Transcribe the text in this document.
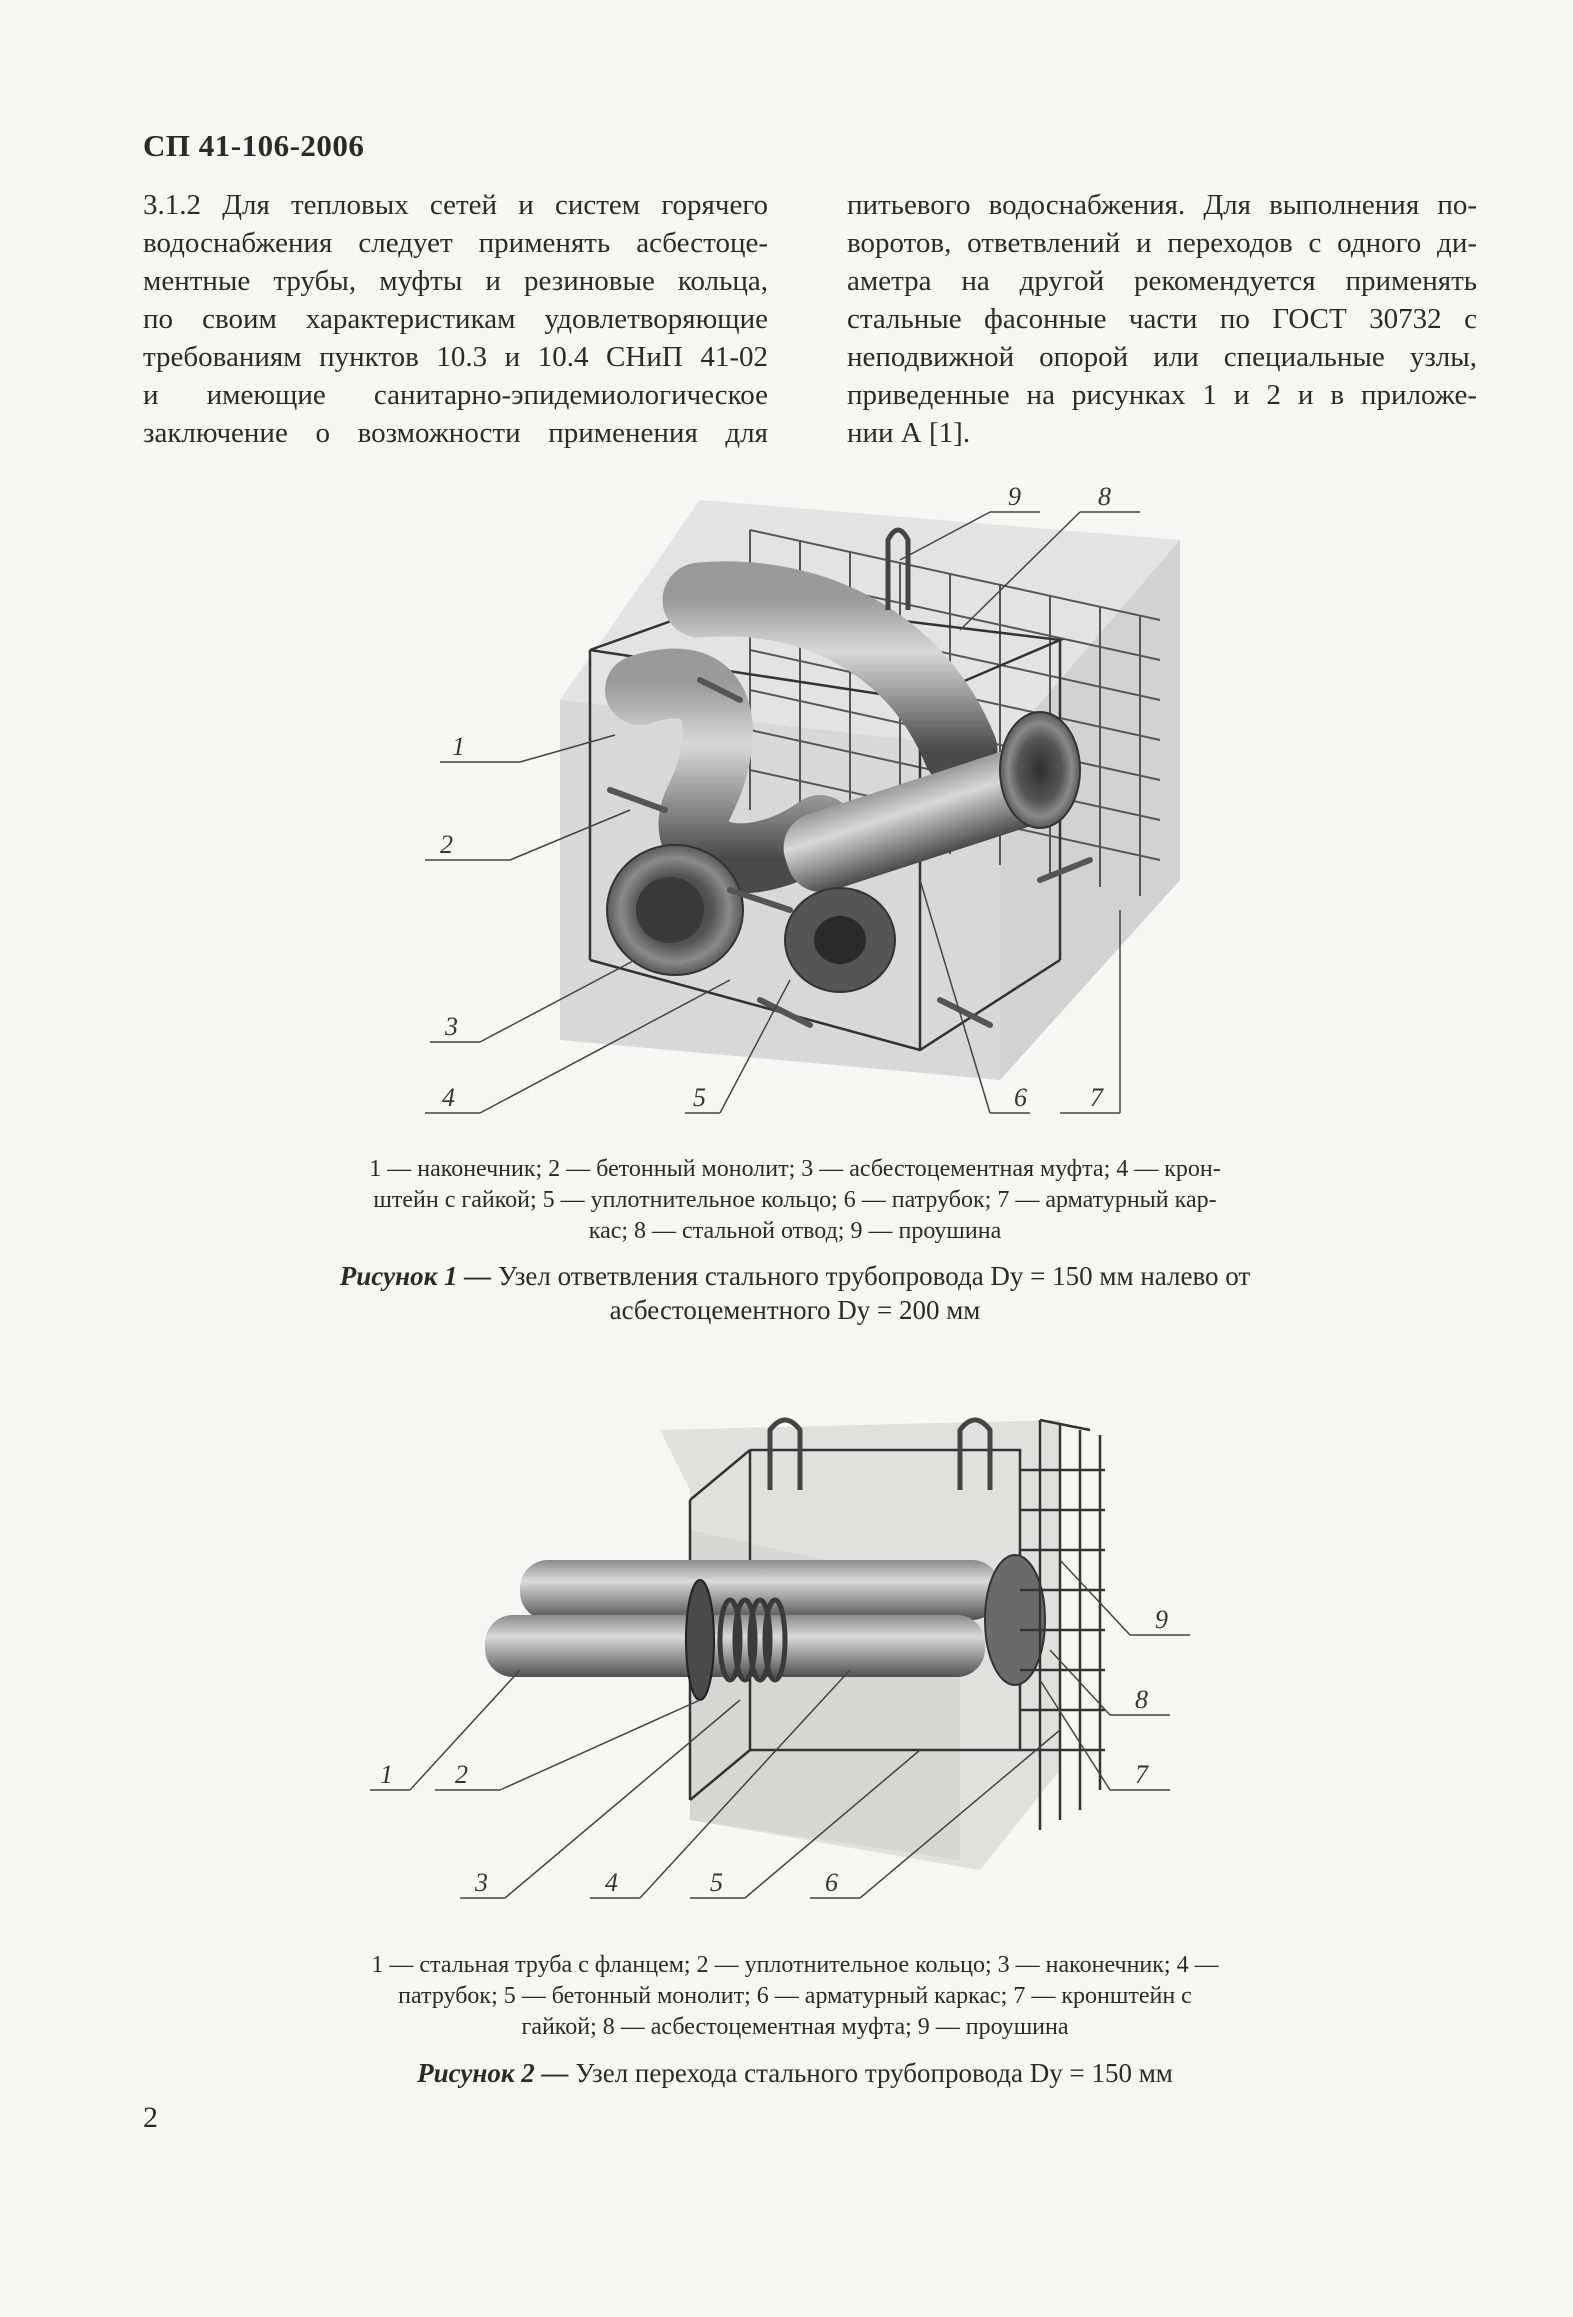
СП 41-106-2006
3.1.2 Для тепловых сетей и систем горячего
водоснабжения следует применять асбестоце-
ментные трубы, муфты и резиновые кольца,
по своим характеристикам удовлетворяющие
требованиям пунктов 10.3 и 10.4 СНиП 41-02
и имеющие санитарно-эпидемиологическое
заключение о возможности применения для
питьевого водоснабжения. Для выполнения по-
воротов, ответвлений и переходов с одного ди-
аметра на другой рекомендуется применять
стальные фасонные части по ГОСТ 30732 с
неподвижной опорой или специальные узлы,
приведенные на рисунках 1 и 2 и в приложе-
нии А [1].
1
2
3
4	5	6 7
8
9
1 — наконечник; 2 — бетонный монолит; 3 — асбестоцементная муфта; 4 — крон-
штейн с гайкой; 5 — уплотнительное кольцо; 6 — патрубок; 7 — арматурный кар-
кас; 8 — стальной отвод; 9 — проушина
Рисунок 1 — Узел ответвления стального трубопровода Dу = 150 мм налево от
асбестоцементного Dу = 200 мм
1 2
3	4	5	6
7
8
9
1 — стальная труба с фланцем; 2 — уплотнительное кольцо; 3 — наконечник; 4 —
патрубок; 5 — бетонный монолит; 6 — арматурный каркас; 7 — кронштейн с
гайкой; 8 — асбестоцементная муфта; 9 — проушина
Рисунок 2 — Узел перехода стального трубопровода Dу = 150 мм
2
